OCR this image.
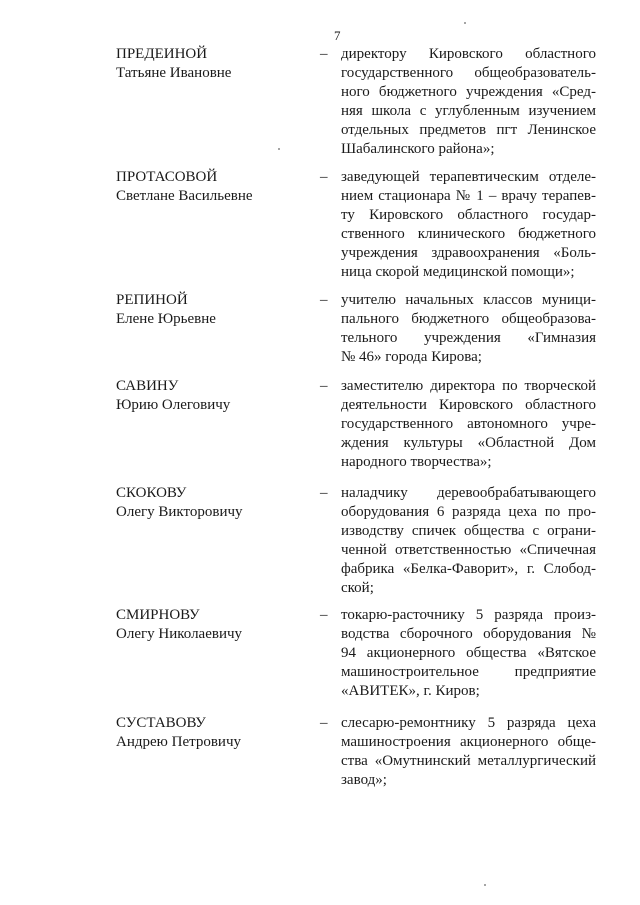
7
ПРЕДЕИНОЙ
Татьяне Ивановне
– директору Кировского областного
государственного общеобразователь-
ного бюджетного учреждения «Сред-
няя школа с углубленным изучением
отдельных предметов пгт Ленинское
Шабалинского района»;
ПРОТАСОВОЙ
Светлане Васильевне
– заведующей терапевтическим отделе-
нием стационара № 1 – врачу терапев-
ту Кировского областного государ-
ственного клинического бюджетного
учреждения здравоохранения «Боль-
ница скорой медицинской помощи»;
РЕПИНОЙ
Елене Юрьевне
– учителю начальных классов муници-
пального бюджетного общеобразова-
тельного учреждения «Гимназия
№ 46» города Кирова;
САВИНУ
Юрию Олеговичу
– заместителю директора по творческой
деятельности Кировского областного
государственного автономного учре-
ждения культуры «Областной Дом
народного творчества»;
СКОКОВУ
Олегу Викторовичу
– наладчику деревообрабатывающего
оборудования 6 разряда цеха по про-
изводству спичек общества с ограни-
ченной ответственностью «Спичечная
фабрика «Белка-Фаворит», г. Слобод-
ской;
СМИРНОВУ
Олегу Николаевичу
– токарю-расточнику 5 разряда произ-
водства сборочного оборудования №
94 акционерного общества «Вятское
машиностроительное предприятие
«АВИТЕК», г. Киров;
СУСТАВОВУ
Андрею Петровичу
– слесарю-ремонтнику 5 разряда цеха
машиностроения акционерного обще-
ства «Омутнинский металлургический
завод»;
